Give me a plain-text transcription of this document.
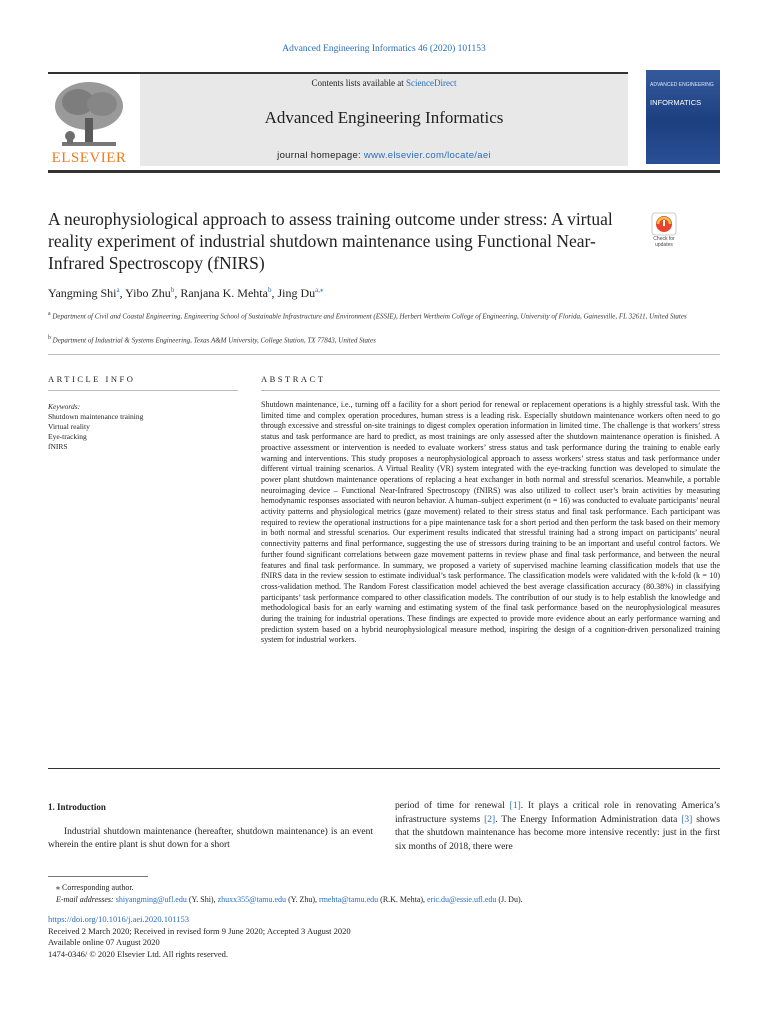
Advanced Engineering Informatics 46 (2020) 101153
ELSEVIER
Contents lists available at ScienceDirect
Advanced Engineering Informatics
journal homepage: www.elsevier.com/locate/aei
ADVANCED ENGINEERING
INFORMATICS
A neurophysiological approach to assess training outcome under stress: A virtual reality experiment of industrial shutdown maintenance using Functional Near-Infrared Spectroscopy (fNIRS)
Check for updates
Yangming Shi$^a$, Yibo Zhu$^b$, Ranjana K. Mehta$^b$, Jing $Du^{a,⁎}$
$^a$ Department of Civil and Coastal Engineering, Engineering School of Sustainable Infrastructure and Environment (ESSIE), Herbert Wertheim College of Engineering, University of Florida, Gainesville, FL 32611, United States
$^b$ Department of Industrial & Systems Engineering, Texas A&M University, College Station, TX 77843, United States
ARTICLE INFO	ABSTRACT
Keywords:
Shutdown maintenance training
Virtual reality
Eye-tracking
fNIRS
Shutdown maintenance, i.e., turning off a facility for a short period for renewal or replacement operations is a highly stressful task. With the limited time and complex operation procedures, human stress is a leading risk. Especially shutdown maintenance workers often need to go through excessive and stressful on-site trainings to digest complex operation information in limited time. The challenge is that workers’ stress status and task performance are hard to predict, as most trainings are only assessed after the shutdown maintenance operation is finished. A proactive assessment or intervention is needed to evaluate workers’ stress status and task performance during the training to enable early warning and interventions. This study proposes a neurophysiological approach to assess workers’ stress status and task performance under different virtual training scenarios. A Virtual Reality (VR) system integrated with the eye-tracking function was developed to simulate the power plant shutdown maintenance operations of replacing a heat exchanger in both normal and stressful scenarios. Meanwhile, a portable neuroimaging device – Functional Near-Infrared Spectroscopy (fNIRS) was also utilized to collect user’s brain activities by measuring hemodynamic responses associated with neuron behavior. A human–subject experiment (n = 16) was conducted to evaluate participants’ neural activity patterns and physiological metrics (gaze movement) related to their stress status and final task performance. Each participant was required to review the operational instructions for a pipe maintenance task for a short period and then perform the task based on their memory in both normal and stressful scenarios. Our experiment results indicated that stressful training had a strong impact on participants’ neural connectivity patterns and final performance, suggesting the use of stressors during training to be an important and useful control factors. We further found significant correlations between gaze movement patterns in review phase and final task performance, and between the neural features and final task performance. In summary, we proposed a variety of supervised machine learning classification models that use the fNIRS data in the review session to estimate individual’s task performance. The classification models were validated with the k-fold (k = 10) cross-validation method. The Random Forest classification model achieved the best average classification accuracy (80.38%) in classifying participants’ task performance compared to other classification models. The contribution of our study is to help establish the knowledge and methodological basis for an early warning and estimating system of the final task performance based on the neurophysiological measures during the training for industrial operations. These findings are expected to provide more evidence about an early performance warning and prediction system based on a hybrid neurophysiological measure method, inspiring the design of a cognition-driven personalized training system for industrial workers.
1. Introduction
Industrial shutdown maintenance (hereafter, shutdown maintenance) is an event wherein the entire plant is shut down for a short
period of time for renewal [1]. It plays a critical role in renovating America’s infrastructure systems [2]. The Energy Information Administration data [3] shows that the shutdown maintenance has become more intensive recently: just in the first six months of 2018, there were
⁎ Corresponding author.
E-mail addresses: shiyangming@ufl.edu (Y. Shi), zhuxx355@tamu.edu (Y. Zhu), rmehta@tamu.edu (R.K. Mehta), eric.du@essie.ufl.edu (J. Du).
https://doi.org/10.1016/j.aei.2020.101153
Received 2 March 2020; Received in revised form 9 June 2020; Accepted 3 August 2020
Available online 07 August 2020
1474-0346/ © 2020 Elsevier Ltd. All rights reserved.
